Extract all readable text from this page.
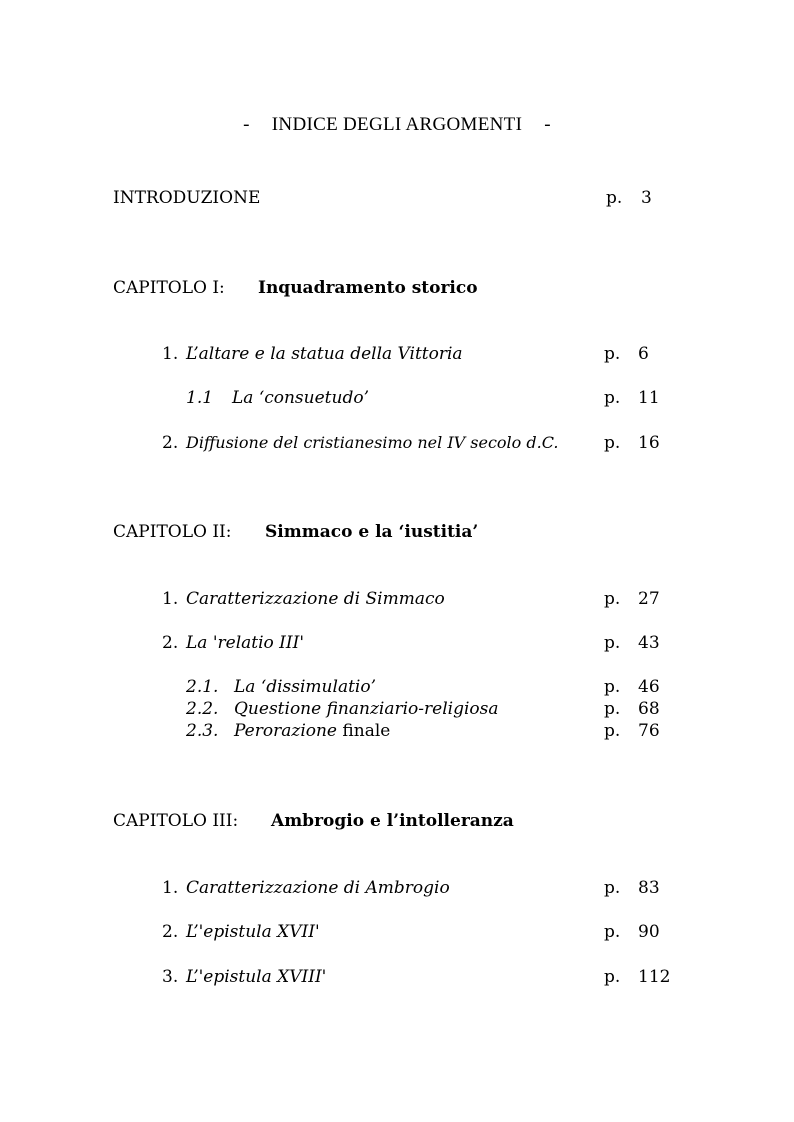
- INDICE DEGLI ARGOMENTI -
INTRODUZIONE	p. 3
CAPITOLO I: Inquadramento storico
1. L’altare e la statua della Vittoria	p. 6
1.1 La ‘consuetudo’	p. 11
2. Diffusione del cristianesimo nel IV secolo d.C.	p. 16
CAPITOLO II: Simmaco e la ‘iustitia’
1. Caratterizzazione di Simmaco	p. 27
2. La 'relatio III'	p. 43
2.1. La ‘dissimulatio’	p. 46
2.2. Questione finanziario-religiosa	p. 68
2.3. Perorazione finale	p. 76
CAPITOLO III: Ambrogio e l’intolleranza
1. Caratterizzazione di Ambrogio	p. 83
2. L’'epistula XVII'	p. 90
3. L’'epistula XVIII'	p. 112
